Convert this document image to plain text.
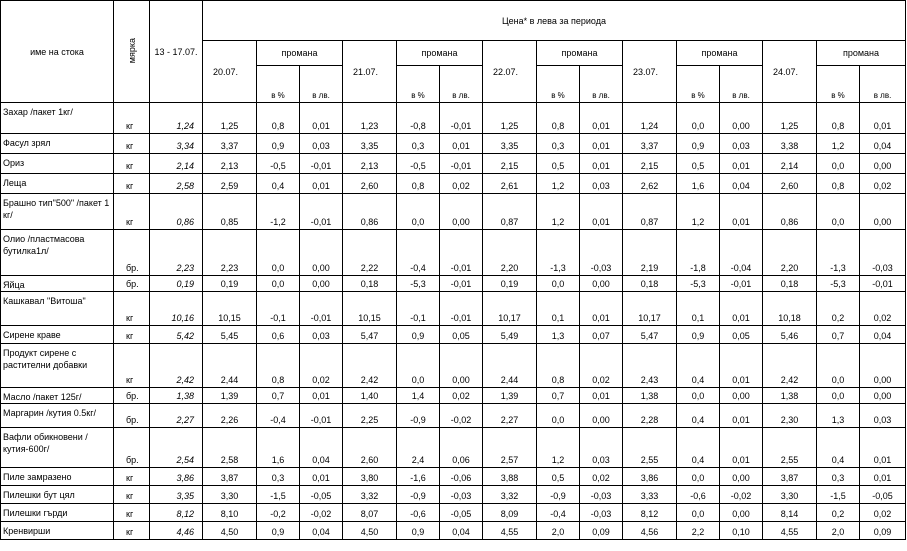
име на стока	мярка	13 - 17.07.	Цена* в лева за периода														
			20.07.	промана		21.07.	промана		22.07.	промана		23.07.	промана		24.07.	промана	

				в %	в лв.		в %	в лв.		в %	в лв.		в %	в лв.		в %	в лв.
Захар /пакет 1кг/	кг	1,24	1,25	0,8	0,01	1,23	-0,8	-0,01	1,25	0,8	0,01	1,24	0,0	0,00	1,25	0,8	0,01
Фасул зрял	кг	3,34	3,37	0,9	0,03	3,35	0,3	0,01	3,35	0,3	0,01	3,37	0,9	0,03	3,38	1,2	0,04
Ориз	кг	2,14	2,13	-0,5	-0,01	2,13	-0,5	-0,01	2,15	0,5	0,01	2,15	0,5	0,01	2,14	0,0	0,00
Леща	кг	2,58	2,59	0,4	0,01	2,60	0,8	0,02	2,61	1,2	0,03	2,62	1,6	0,04	2,60	0,8	0,02
Брашно тип"500" /пакет 1 кг/	кг	0,86	0,85	-1,2	-0,01	0,86	0,0	0,00	0,87	1,2	0,01	0,87	1,2	0,01	0,86	0,0	0,00
Олио /пластмасова бутилка1л/	бр.	2,23	2,23	0,0	0,00	2,22	-0,4	-0,01	2,20	-1,3	-0,03	2,19	-1,8	-0,04	2,20	-1,3	-0,03
Яйца	бр.	0,19	0,19	0,0	0,00	0,18	-5,3	-0,01	0,19	0,0	0,00	0,18	-5,3	-0,01	0,18	-5,3	-0,01
Кашкавал "Витоша"	кг	10,16	10,15	-0,1	-0,01	10,15	-0,1	-0,01	10,17	0,1	0,01	10,17	0,1	0,01	10,18	0,2	0,02
Сирене краве	кг	5,42	5,45	0,6	0,03	5,47	0,9	0,05	5,49	1,3	0,07	5,47	0,9	0,05	5,46	0,7	0,04
Продукт сирене с растителни добавки	кг	2,42	2,44	0,8	0,02	2,42	0,0	0,00	2,44	0,8	0,02	2,43	0,4	0,01	2,42	0,0	0,00
Масло /пакет 125г/	бр.	1,38	1,39	0,7	0,01	1,40	1,4	0,02	1,39	0,7	0,01	1,38	0,0	0,00	1,38	0,0	0,00
Маргарин /кутия 0.5кг/	бр.	2,27	2,26	-0,4	-0,01	2,25	-0,9	-0,02	2,27	0,0	0,00	2,28	0,4	0,01	2,30	1,3	0,03
Вафли обикновени /кутия-600г/	бр.	2,54	2,58	1,6	0,04	2,60	2,4	0,06	2,57	1,2	0,03	2,55	0,4	0,01	2,55	0,4	0,01
Пиле замразено	кг	3,86	3,87	0,3	0,01	3,80	-1,6	-0,06	3,88	0,5	0,02	3,86	0,0	0,00	3,87	0,3	0,01
Пилешки бут цял	кг	3,35	3,30	-1,5	-0,05	3,32	-0,9	-0,03	3,32	-0,9	-0,03	3,33	-0,6	-0,02	3,30	-1,5	-0,05
Пилешки гърди	кг	8,12	8,10	-0,2	-0,02	8,07	-0,6	-0,05	8,09	-0,4	-0,03	8,12	0,0	0,00	8,14	0,2	0,02
Кренвирши	кг	4,46	4,50	0,9	0,04	4,50	0,9	0,04	4,55	2,0	0,09	4,56	2,2	0,10	4,55	2,0	0,09
